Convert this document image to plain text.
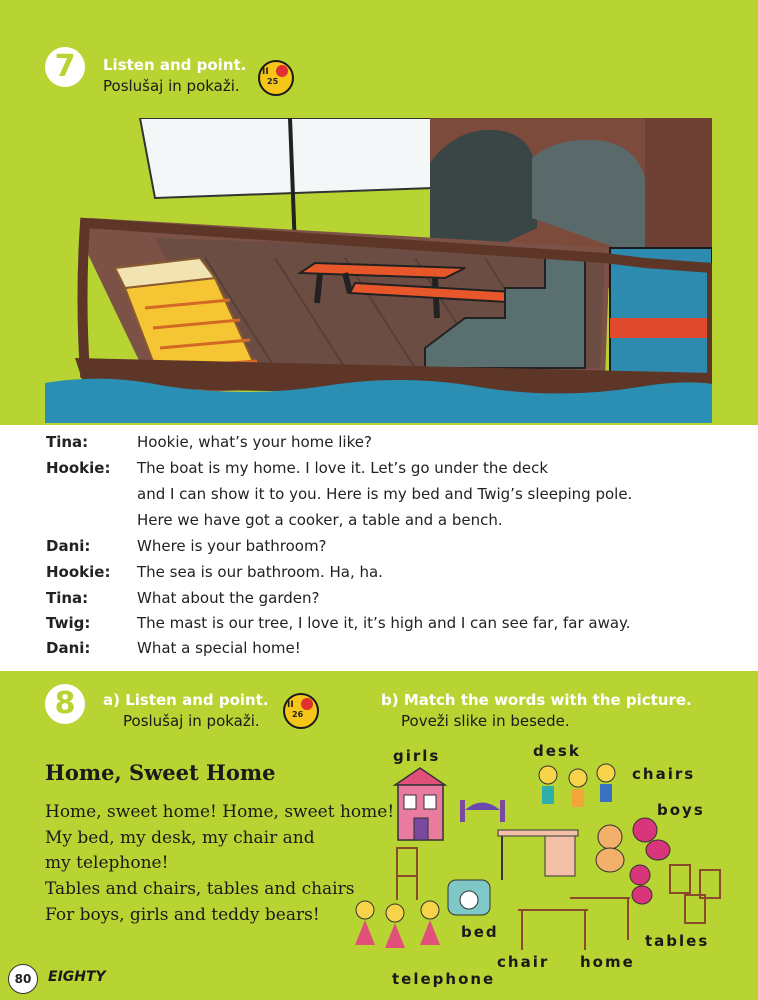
7	Listen and point.
Poslušaj in pokaži.
II
25
Tina:	Hookie, what’s your home like?
Hookie: The boat is my home. I love it. Let’s go under the deck
and I can show it to you. Here is my bed and Twig’s sleeping pole.
Here we have got a cooker, a table and a bench.
Dani:	Where is your bathroom?
Hookie: The sea is our bathroom. Ha, ha.
Tina:	What about the garden?
Twig:	The mast is our tree, I love it, it’s high and I can see far, far away.
Dani:	What a special home!
8	a) Listen and point.
Poslušaj in pokaži.
II
26
b) Match the words with the picture.
Poveži slike in besede.
Home, Sweet Home
Home, sweet home! Home, sweet home!
My bed, my desk, my chair and
my telephone!
Tables and chairs, tables and chairs
For boys, girls and teddy bears!
girls	desk
chairs
boys
bed	tables
chair home
telephone
80	EIGHTY
